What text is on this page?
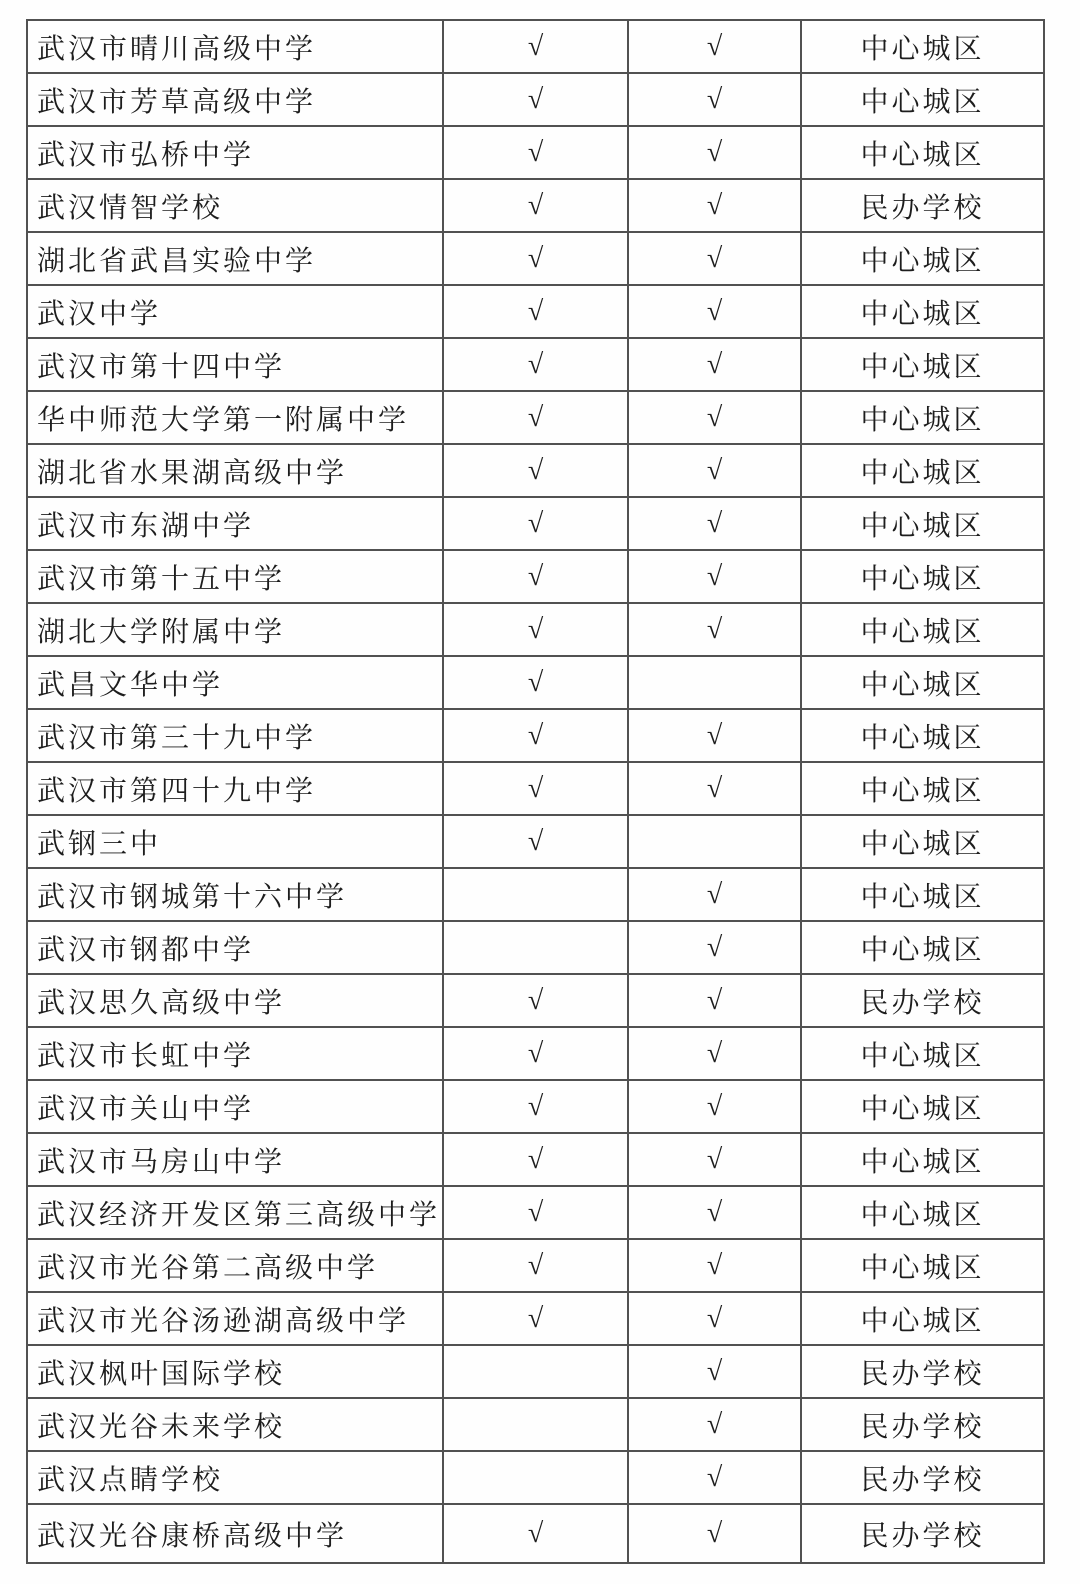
武汉市晴川高级中学	√	√	中心城区
武汉市芳草高级中学	√	√	中心城区
武汉市弘桥中学	√	√	中心城区
武汉情智学校	√	√	民办学校
湖北省武昌实验中学	√	√	中心城区
武汉中学	√	√	中心城区
武汉市第十四中学	√	√	中心城区
华中师范大学第一附属中学	√	√	中心城区
湖北省水果湖高级中学	√	√	中心城区
武汉市东湖中学	√	√	中心城区
武汉市第十五中学	√	√	中心城区
湖北大学附属中学	√	√	中心城区
武昌文华中学	√		中心城区
武汉市第三十九中学	√	√	中心城区
武汉市第四十九中学	√	√	中心城区
武钢三中	√		中心城区
武汉市钢城第十六中学		√	中心城区
武汉市钢都中学		√	中心城区
武汉思久高级中学	√	√	民办学校
武汉市长虹中学	√	√	中心城区
武汉市关山中学	√	√	中心城区
武汉市马房山中学	√	√	中心城区
武汉经济开发区第三高级中学	√	√	中心城区
武汉市光谷第二高级中学	√	√	中心城区
武汉市光谷汤逊湖高级中学	√	√	中心城区
武汉枫叶国际学校		√	民办学校
武汉光谷未来学校		√	民办学校
武汉点睛学校		√	民办学校
武汉光谷康桥高级中学	√	√	民办学校
